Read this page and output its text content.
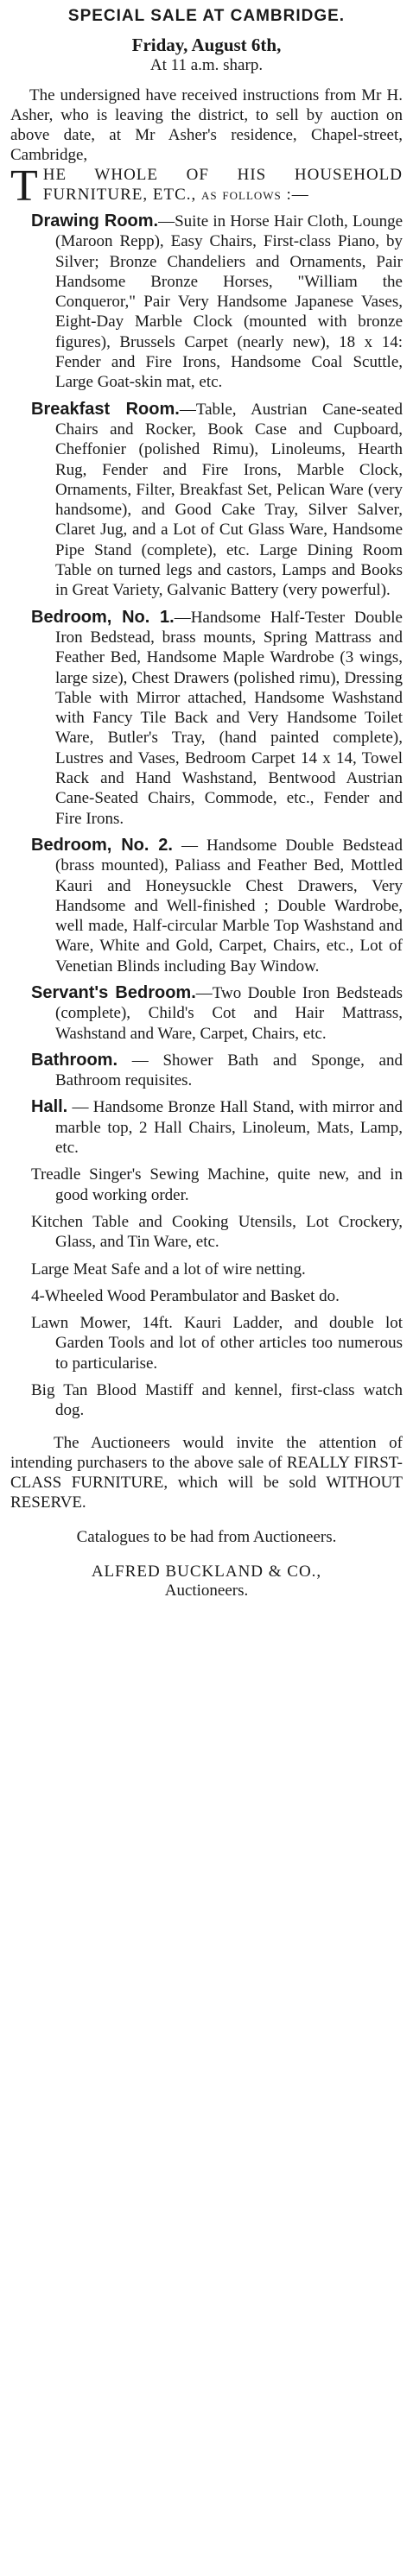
SPECIAL SALE AT CAMBRIDGE.
Friday, August 6th,
At 11 a.m. sharp.

The undersigned have received instructions from Mr H. Asher, who is leaving the district, to sell by auction on above date, at Mr Asher's residence, Chapel-street, Cambridge,

THE WHOLE OF HIS HOUSEHOLD FURNITURE, ETC., as follows :—

Drawing Room.—Suite in Horse Hair Cloth, Lounge (Maroon Repp), Easy Chairs, First-class Piano, by Silver; Bronze Chandeliers and Ornaments, Pair Handsome Bronze Horses, "William the Conqueror," Pair Very Handsome Japanese Vases, Eight-Day Marble Clock (mounted with bronze figures), Brussels Carpet (nearly new), 18 x 14: Fender and Fire Irons, Handsome Coal Scuttle, Large Goat-skin mat, etc.

Breakfast Room.—Table, Austrian Cane-seated Chairs and Rocker, Book Case and Cupboard, Cheffonier (polished Rimu), Linoleums, Hearth Rug, Fender and Fire Irons, Marble Clock, Ornaments, Filter, Breakfast Set, Pelican Ware (very handsome), and Good Cake Tray, Silver Salver, Claret Jug, and a Lot of Cut Glass Ware, Handsome Pipe Stand (complete), etc. Large Dining Room Table on turned legs and castors, Lamps and Books in Great Variety, Galvanic Battery (very powerful).

Bedroom, No. 1.—Handsome Half-Tester Double Iron Bedstead, brass mounts, Spring Mattrass and Feather Bed, Handsome Maple Wardrobe (3 wings, large size), Chest Drawers (polished rimu), Dressing Table with Mirror attached, Handsome Washstand with Fancy Tile Back and Very Handsome Toilet Ware, Butler's Tray, (hand painted complete), Lustres and Vases, Bedroom Carpet 14 x 14, Towel Rack and Hand Washstand, Bentwood Austrian Cane-Seated Chairs, Commode, etc., Fender and Fire Irons.

Bedroom, No. 2. — Handsome Double Bedstead (brass mounted), Paliass and Feather Bed, Mottled Kauri and Honeysuckle Chest Drawers, Very Handsome and Well-finished ; Double Wardrobe, well made, Half-circular Marble Top Washstand and Ware, White and Gold, Carpet, Chairs, etc., Lot of Venetian Blinds including Bay Window.

Servant's Bedroom.—Two Double Iron Bedsteads (complete), Child's Cot and Hair Mattrass, Washstand and Ware, Carpet, Chairs, etc.

Bathroom. — Shower Bath and Sponge, and Bathroom requisites.

Hall. — Handsome Bronze Hall Stand, with mirror and marble top, 2 Hall Chairs, Linoleum, Mats, Lamp, etc.

Treadle Singer's Sewing Machine, quite new, and in good working order.

Kitchen Table and Cooking Utensils, Lot Crockery, Glass, and Tin Ware, etc.

Large Meat Safe and a lot of wire netting.

4-Wheeled Wood Perambulator and Basket do.

Lawn Mower, 14ft. Kauri Ladder, and double lot Garden Tools and lot of other articles too numerous to particularise.

Big Tan Blood Mastiff and kennel, first-class watch dog.

The Auctioneers would invite the attention of intending purchasers to the above sale of REALLY FIRST-CLASS FURNITURE, which will be sold WITHOUT RESERVE.

Catalogues to be had from Auctioneers.
ALFRED BUCKLAND & CO.,
Auctioneers.
